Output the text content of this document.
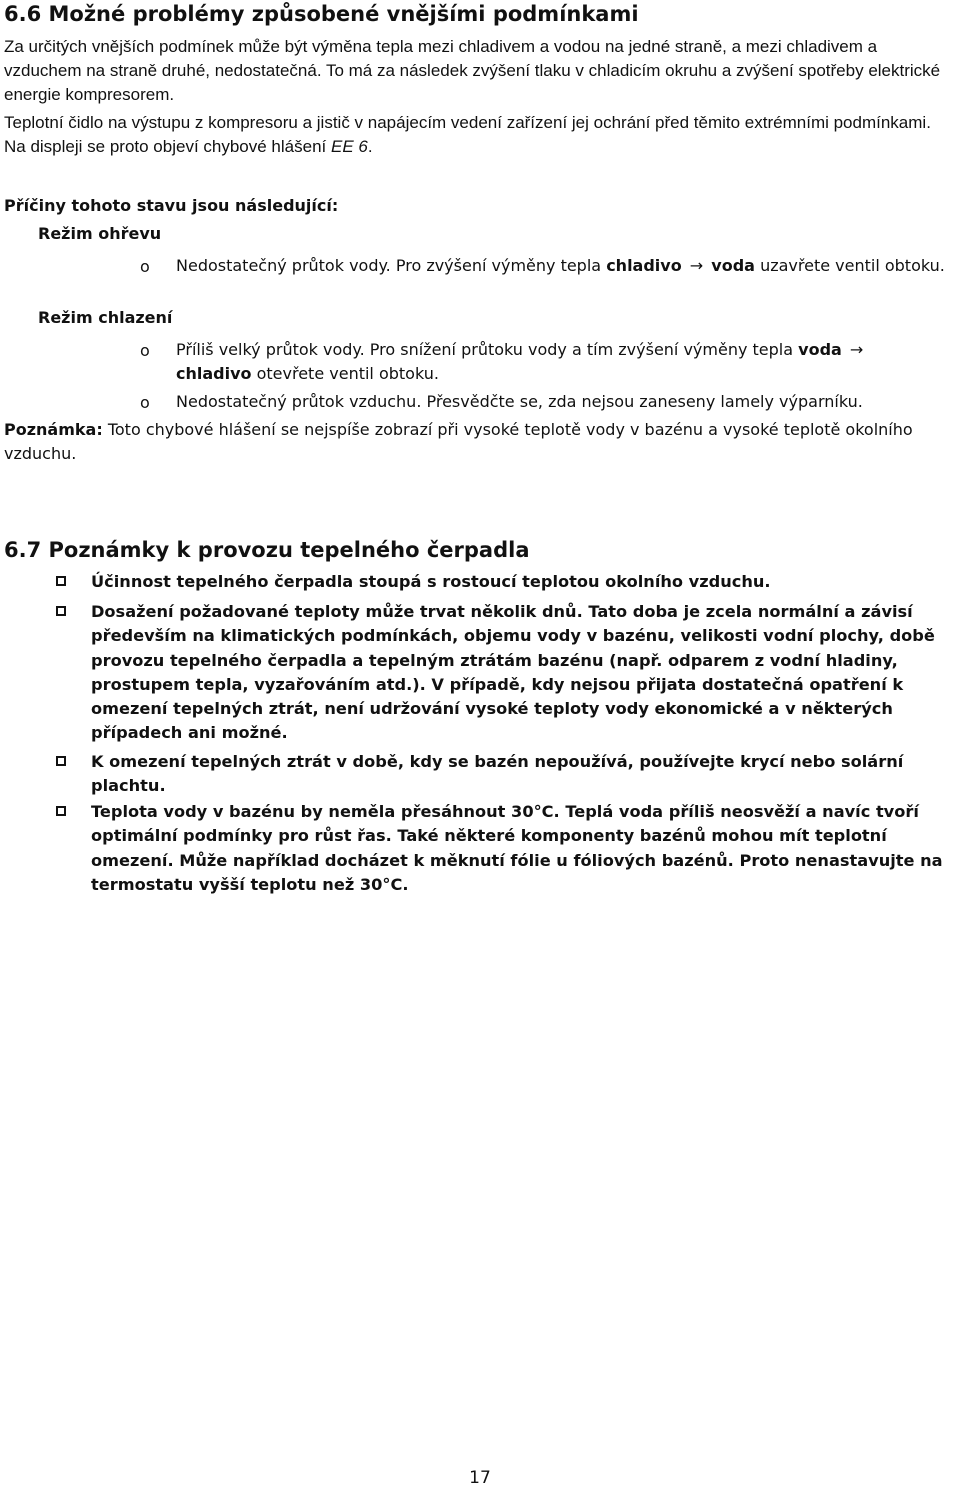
6.6 Možné problémy způsobené vnějšími podmínkami
Za určitých vnějších podmínek může být výměna tepla mezi chladivem a vodou na jedné straně, a mezi chladivem a vzduchem na straně druhé, nedostatečná. To má za následek zvýšení tlaku v chladicím okruhu a zvýšení spotřeby elektrické energie kompresorem.
Teplotní čidlo na výstupu z kompresoru a jistič v napájecím vedení zařízení jej ochrání před těmito extrémními podmínkami. Na displeji se proto objeví chybové hlášení EE 6.
Příčiny tohoto stavu jsou následující:
Režim ohřevu
o Nedostatečný průtok vody. Pro zvýšení výměny tepla chladivo → voda uzavřete ventil obtoku.
Režim chlazení
o Příliš velký průtok vody. Pro snížení průtoku vody a tím zvýšení výměny tepla voda →
chladivo otevřete ventil obtoku.
o Nedostatečný průtok vzduchu. Přesvědčte se, zda nejsou zaneseny lamely výparníku.
Poznámka: Toto chybové hlášení se nejspíše zobrazí při vysoké teplotě vody v bazénu a vysoké teplotě okolního vzduchu.
6.7 Poznámky k provozu tepelného čerpadla
Účinnost tepelného čerpadla stoupá s rostoucí teplotou okolního vzduchu.
Dosažení požadované teploty může trvat několik dnů. Tato doba je zcela normální a závisí především na klimatických podmínkách, objemu vody v bazénu, velikosti vodní plochy, době provozu tepelného čerpadla a tepelným ztrátám bazénu (např. odparem z vodní hladiny, prostupem tepla, vyzařováním atd.). V případě, kdy nejsou přijata dostatečná opatření k omezení tepelných ztrát, není udržování vysoké teploty vody ekonomické a v některých případech ani možné.
K omezení tepelných ztrát v době, kdy se bazén nepoužívá, používejte krycí nebo solární plachtu.
Teplota vody v bazénu by neměla přesáhnout 30°C. Teplá voda příliš neosvěží a navíc tvoří optimální podmínky pro růst řas. Také některé komponenty bazénů mohou mít teplotní omezení. Může například docházet k měknutí fólie u fóliových bazénů. Proto nenastavujte na termostatu vyšší teplotu než 30°C.
17
